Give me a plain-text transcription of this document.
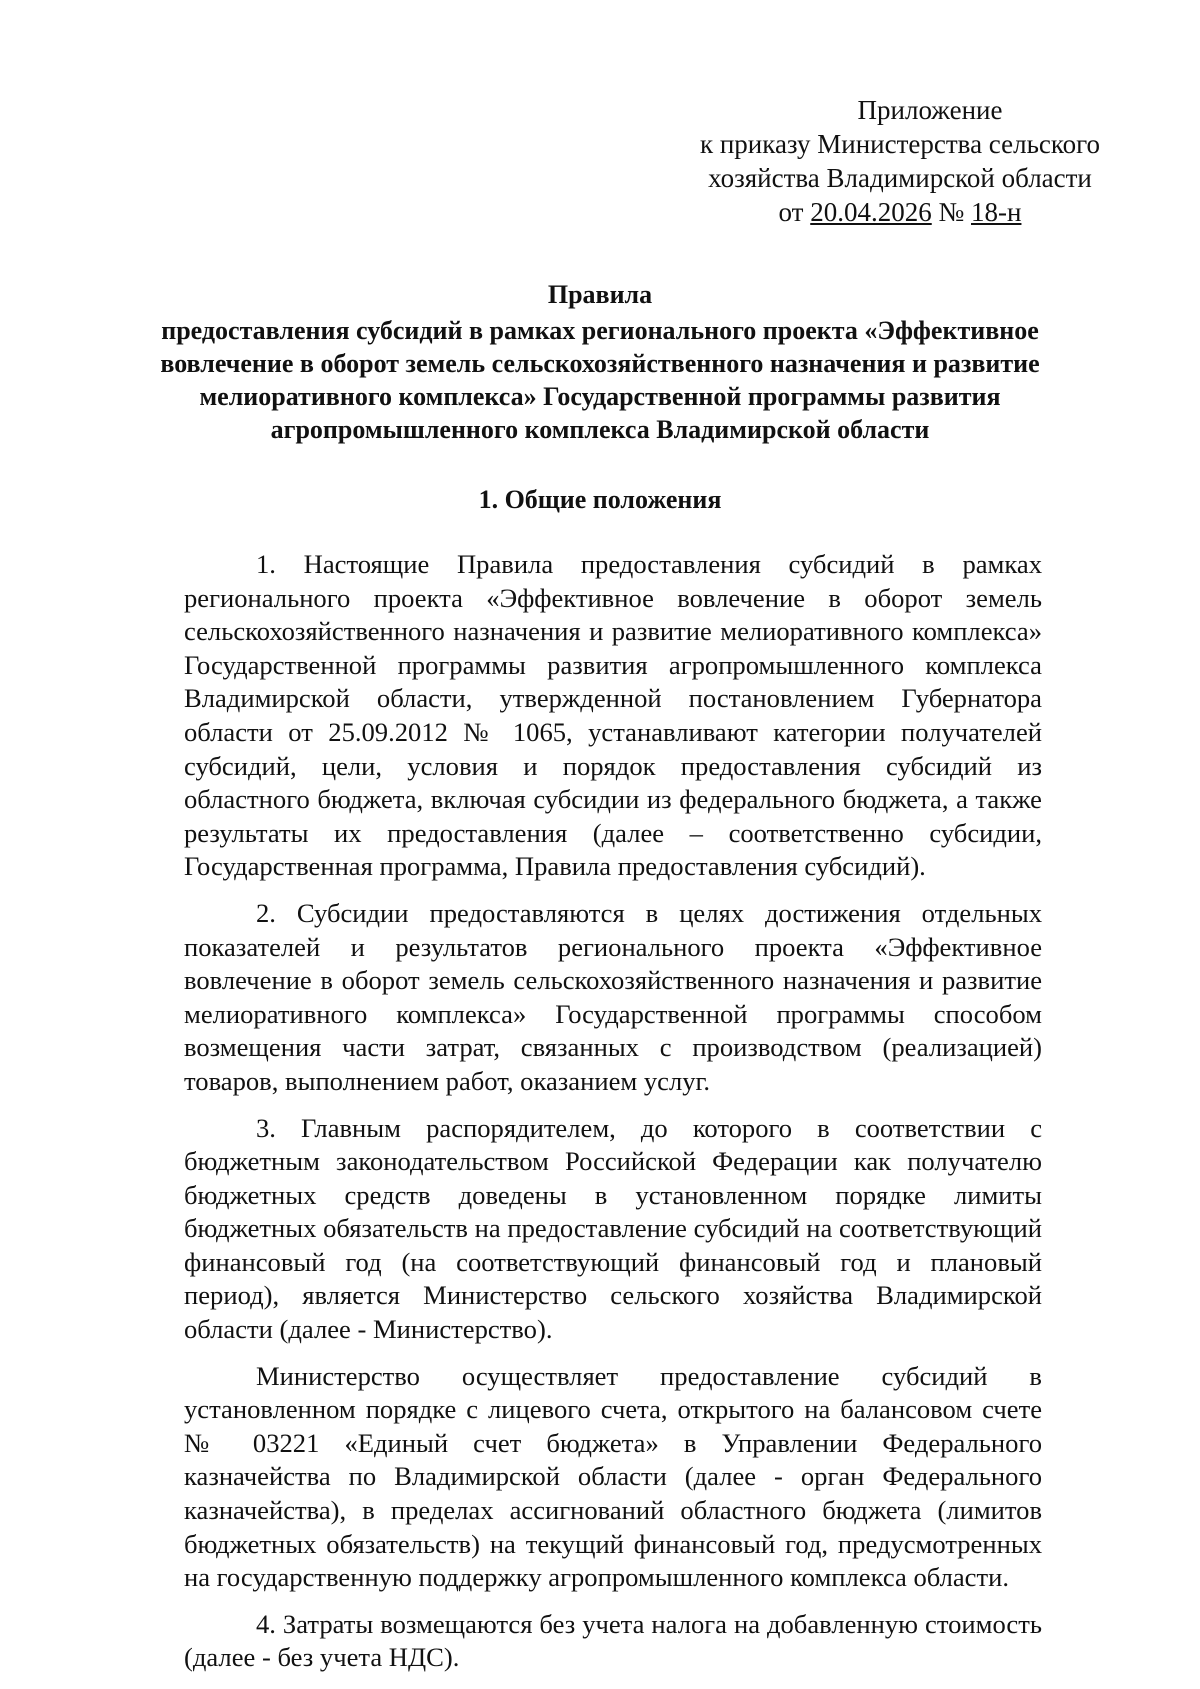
Приложение
к приказу Министерства сельского
хозяйства Владимирской области
от 20.04.2026 № 18-н
Правила
предоставления субсидий в рамках регионального проекта «Эффективное вовлечение в оборот земель сельскохозяйственного назначения и развитие мелиоративного комплекса» Государственной программы развития агропромышленного комплекса Владимирской области
1. Общие положения

1. Настоящие Правила предоставления субсидий в рамках регионального проекта «Эффективное вовлечение в оборот земель сельскохозяйственного назначения и развитие мелиоративного комплекса» Государственной программы развития агропромышленного комплекса Владимирской области, утвержденной постановлением Губернатора области от 25.09.2012 № 1065, устанавливают категории получателей субсидий, цели, условия и порядок предоставления субсидий из областного бюджета, включая субсидии из федерального бюджета, а также результаты их предоставления (далее – соответственно субсидии, Государственная программа, Правила предоставления субсидий).

2. Субсидии предоставляются в целях достижения отдельных показателей и результатов регионального проекта «Эффективное вовлечение в оборот земель сельскохозяйственного назначения и развитие мелиоративного комплекса» Государственной программы способом возмещения части затрат, связанных с производством (реализацией) товаров, выполнением работ, оказанием услуг.

3. Главным распорядителем, до которого в соответствии с бюджетным законодательством Российской Федерации как получателю бюджетных средств доведены в установленном порядке лимиты бюджетных обязательств на предоставление субсидий на соответствующий финансовый год (на соответствующий финансовый год и плановый период), является Министерство сельского хозяйства Владимирской области (далее - Министерство).

Министерство осуществляет предоставление субсидий в установленном порядке с лицевого счета, открытого на балансовом счете № 03221 «Единый счет бюджета» в Управлении Федерального казначейства по Владимирской области (далее - орган Федерального казначейства), в пределах ассигнований областного бюджета (лимитов бюджетных обязательств) на текущий финансовый год, предусмотренных на государственную поддержку агропромышленного комплекса области.

4. Затраты возмещаются без учета налога на добавленную стоимость (далее - без учета НДС).
